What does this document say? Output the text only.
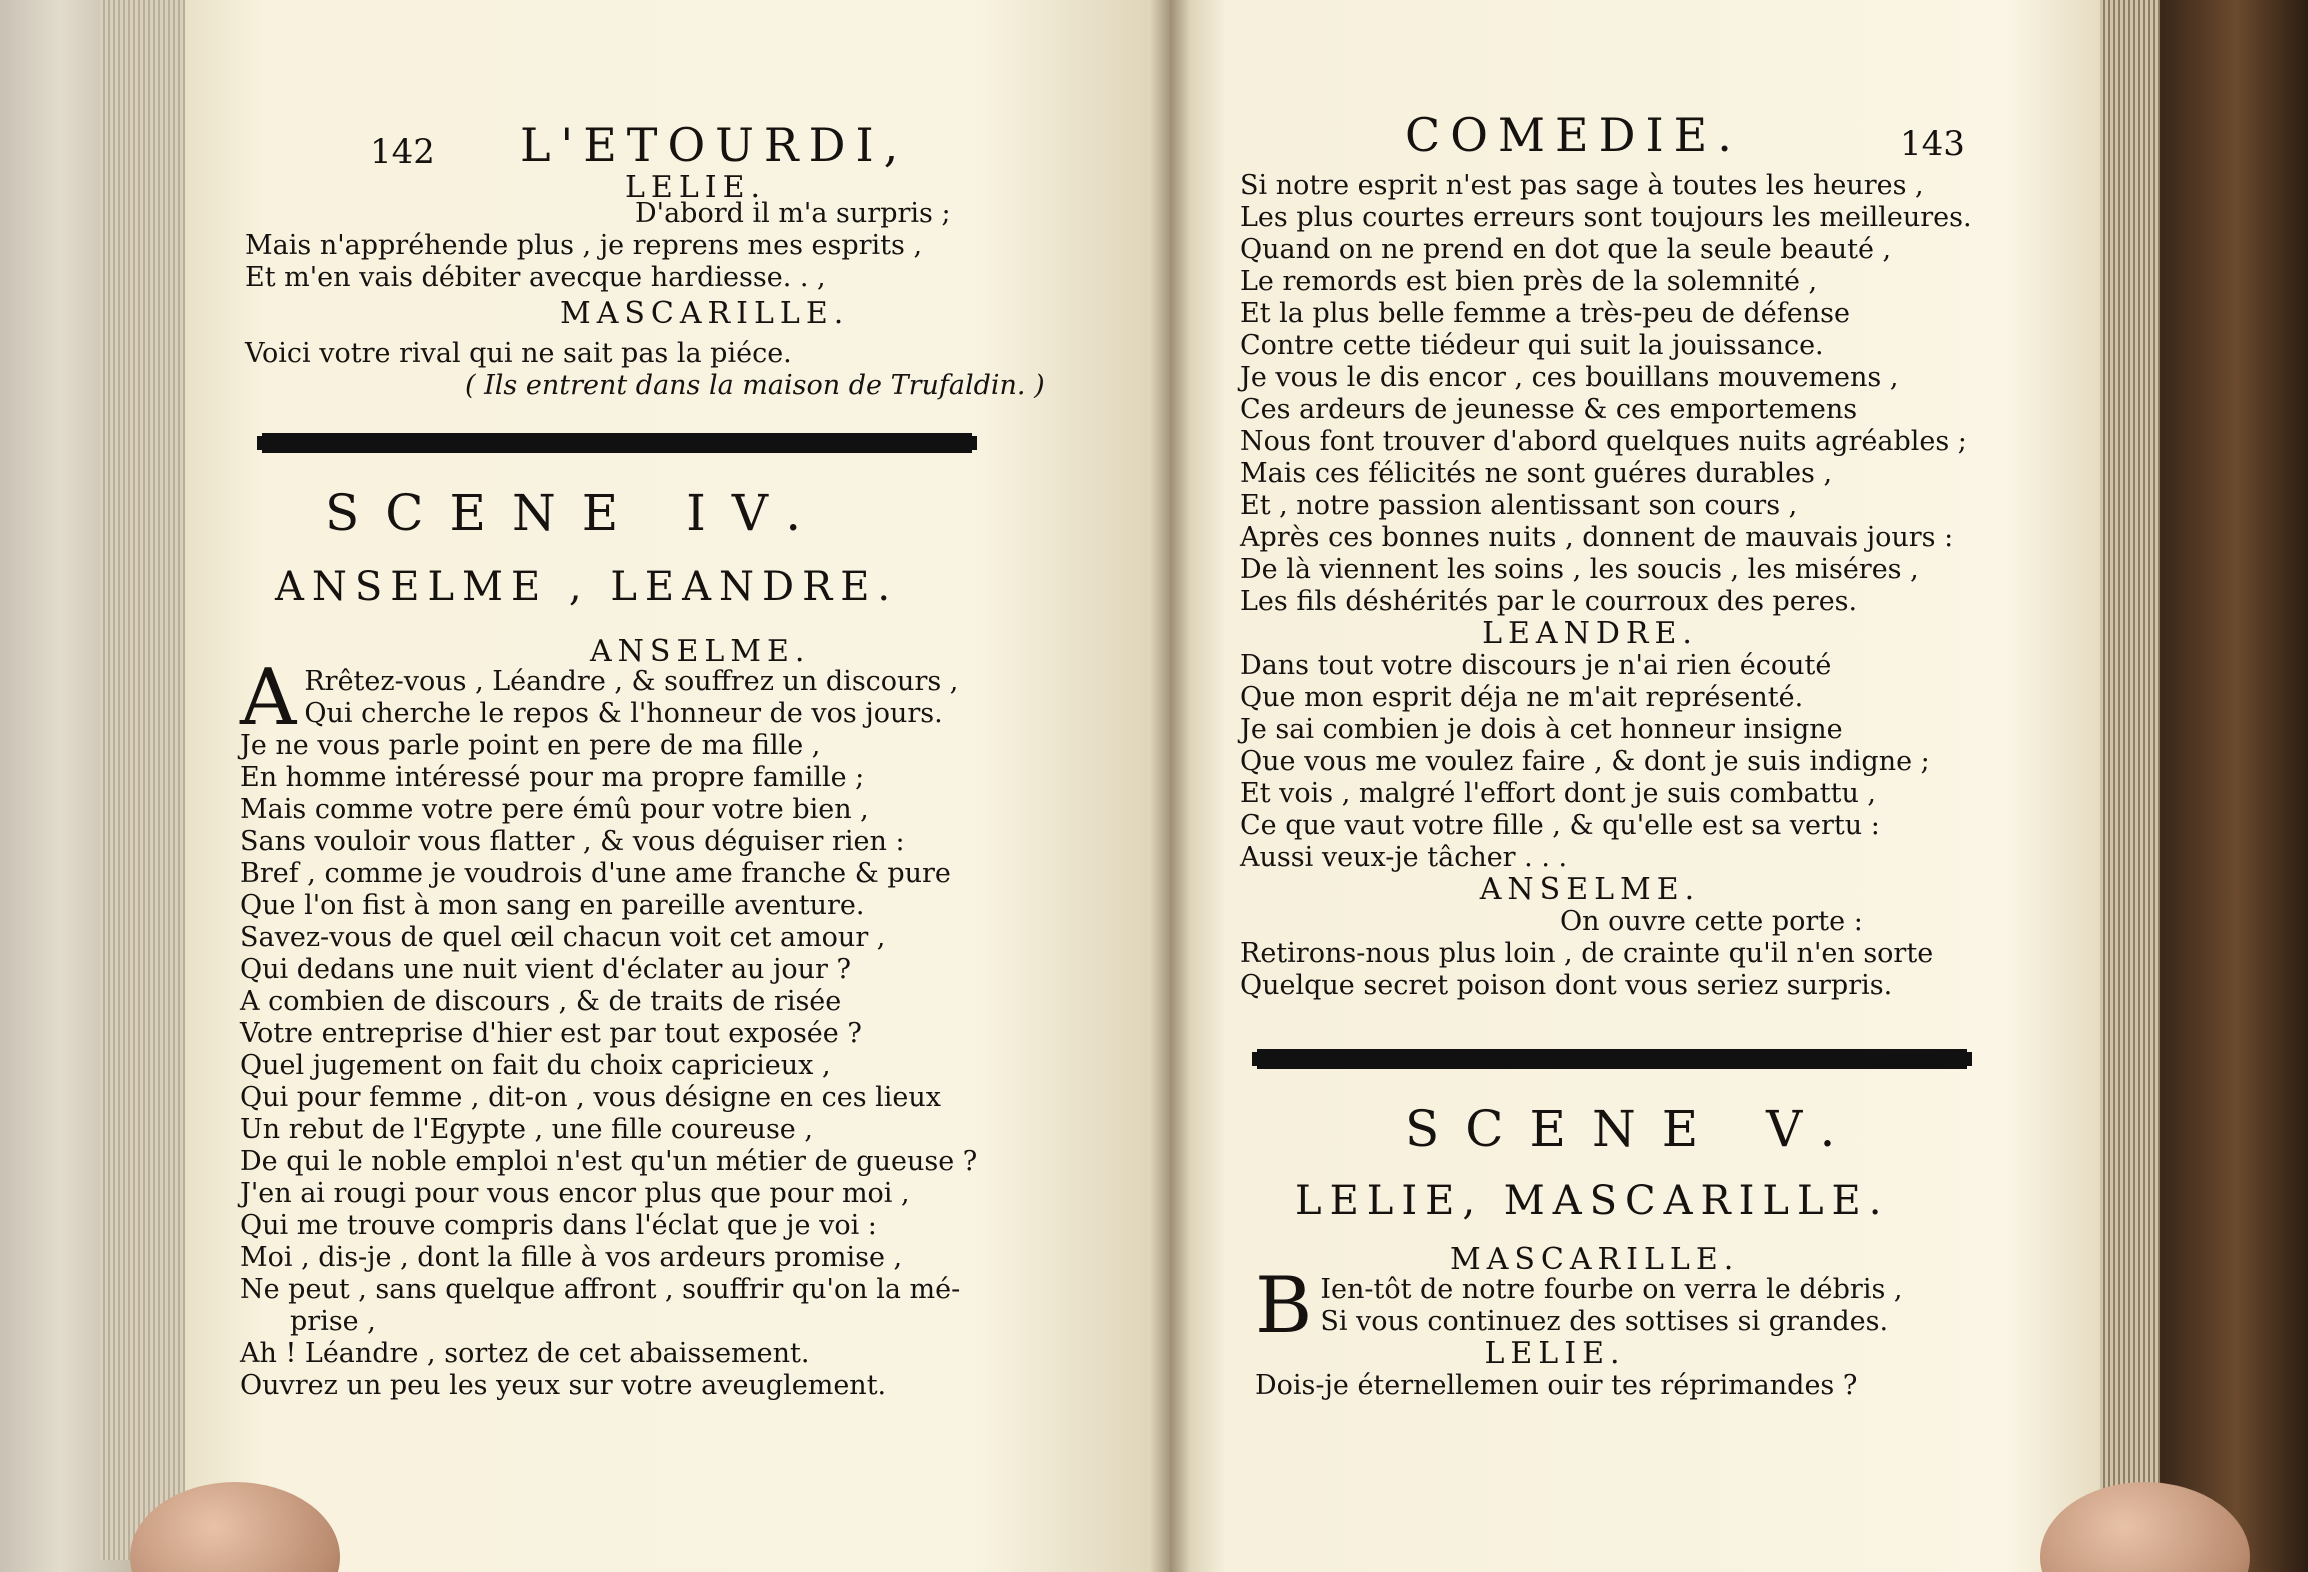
142 L'ETOURDI,
LELIE.
D'abord il m'a surpris ;
Mais n'appréhende plus , je reprens mes esprits ,
Et m'en vais débiter avecque hardiesse. . ,
MASCARILLE.
Voici votre rival qui ne sait pas la piéce.
( Ils entrent dans la maison de Trufaldin. )
SCENE IV.
ANSELME , LEANDRE.
ANSELME.
A Rrêtez-vous , Léandre , & souffrez un discours ,
Qui cherche le repos & l'honneur de vos jours.
Je ne vous parle point en pere de ma fille ,
En homme intéressé pour ma propre famille ;
Mais comme votre pere émû pour votre bien ,
Sans vouloir vous flatter , & vous déguiser rien :
Bref , comme je voudrois d'une ame franche & pure
Que l'on fist à mon sang en pareille aventure.
Savez-vous de quel œil chacun voit cet amour ,
Qui dedans une nuit vient d'éclater au jour ?
A combien de discours , & de traits de risée
Votre entreprise d'hier est par tout exposée ?
Quel jugement on fait du choix capricieux ,
Qui pour femme , dit-on , vous désigne en ces lieux
Un rebut de l'Egypte , une fille coureuse ,
De qui le noble emploi n'est qu'un métier de gueuse ?
J'en ai rougi pour vous encor plus que pour moi ,
Qui me trouve compris dans l'éclat que je voi :
Moi , dis-je , dont la fille à vos ardeurs promise ,
Ne peut , sans quelque affront , souffrir qu'on la mé-
prise ,
Ah ! Léandre , sortez de cet abaissement.
Ouvrez un peu les yeux sur votre aveuglement.
COMEDIE.	143
Si notre esprit n'est pas sage à toutes les heures ,
Les plus courtes erreurs sont toujours les meilleures.
Quand on ne prend en dot que la seule beauté ,
Le remords est bien près de la solemnité ,
Et la plus belle femme a très-peu de défense
Contre cette tiédeur qui suit la jouissance.
Je vous le dis encor , ces bouillans mouvemens ,
Ces ardeurs de jeunesse & ces emportemens
Nous font trouver d'abord quelques nuits agréables ;
Mais ces félicités ne sont guéres durables ,
Et , notre passion alentissant son cours ,
Après ces bonnes nuits , donnent de mauvais jours :
De là viennent les soins , les soucis , les miséres ,
Les fils déshérités par le courroux des peres.
LEANDRE.
Dans tout votre discours je n'ai rien écouté
Que mon esprit déja ne m'ait représenté.
Je sai combien je dois à cet honneur insigne
Que vous me voulez faire , & dont je suis indigne ;
Et vois , malgré l'effort dont je suis combattu ,
Ce que vaut votre fille , & qu'elle est sa vertu :
Aussi veux-je tâcher . . .
ANSELME.
On ouvre cette porte :
Retirons-nous plus loin , de crainte qu'il n'en sorte
Quelque secret poison dont vous seriez surpris.
SCENE V.
LELIE, MASCARILLE.
MASCARILLE.
B Ien-tôt de notre fourbe on verra le débris ,
Si vous continuez des sottises si grandes.
LELIE.
Dois-je éternellemen ouir tes réprimandes ?
